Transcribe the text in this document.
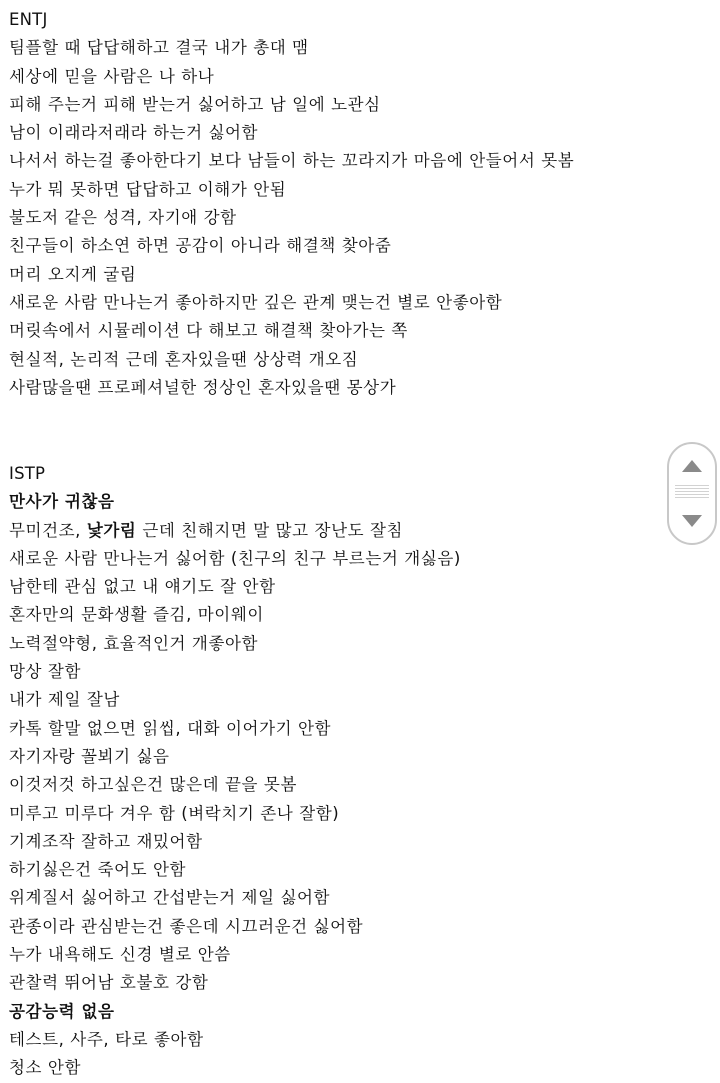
ENTJ
팀플할 때 답답해하고 결국 내가 총대 맴
세상에 믿을 사람은 나 하나
피해 주는거 피해 받는거 싫어하고 남 일에 노관심
남이 이래라저래라 하는거 싫어함
나서서 하는걸 좋아한다기 보다 남들이 하는 꼬라지가 마음에 안들어서 못봄
누가 뭐 못하면 답답하고 이해가 안됨
불도저 같은 성격, 자기애 강함
친구들이 하소연 하면 공감이 아니라 해결책 찾아줌
머리 오지게 굴림
새로운 사람 만나는거 좋아하지만 깊은 관계 맺는건 별로 안좋아함
머릿속에서 시뮬레이션 다 해보고 해결책 찾아가는 쪽
현실적, 논리적 근데 혼자있을땐 상상력 개오짐
사람많을땐 프로페셔널한 정상인 혼자있을땐 몽상가
ISTP
만사가 귀찮음
무미건조, 낯가림 근데 친해지면 말 많고 장난도 잘침
새로운 사람 만나는거 싫어함 (친구의 친구 부르는거 개싫음)
남한테 관심 없고 내 얘기도 잘 안함
혼자만의 문화생활 즐김, 마이웨이
노력절약형, 효율적인거 개좋아함
망상 잘함
내가 제일 잘남
카톡 할말 없으면 읽씹, 대화 이어가기 안함
자기자랑 꼴뵈기 싫음
이것저것 하고싶은건 많은데 끝을 못봄
미루고 미루다 겨우 함 (벼락치기 존나 잘함)
기계조작 잘하고 재밌어함
하기싫은건 죽어도 안함
위계질서 싫어하고 간섭받는거 제일 싫어함
관종이라 관심받는건 좋은데 시끄러운건 싫어함
누가 내욕해도 신경 별로 안씀
관찰력 뛰어남 호불호 강함
공감능력 없음
테스트, 사주, 타로 좋아함
청소 안함
